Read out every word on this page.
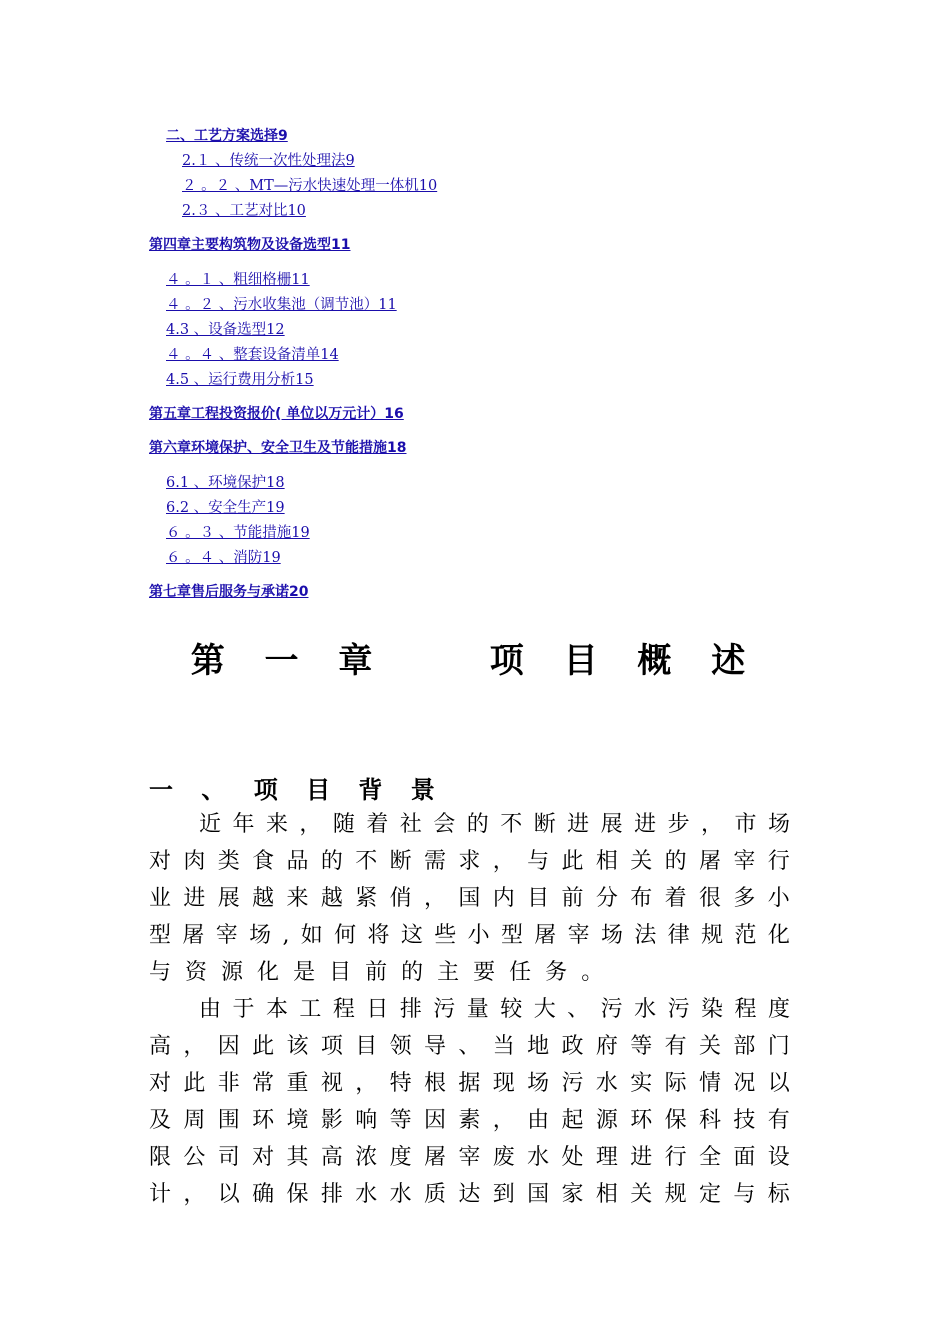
二、工艺方案选择9
2.１ 、传统一次性处理法9
２ 。２ 、MT—污水快速处理一体机10
2.３ 、工艺对比10
第四章主要构筑物及设备选型11
４ 。１ 、粗细格栅11
４ 。２ 、污水收集池（调节池）11
4.3 、设备选型12
４ 。４ 、整套设备清单14
4.5 、运行费用分析15
第五章工程投资报价( 单位以万元计）16
第六章环境保护、安全卫生及节能措施18
6.1 、环境保护18
6.2 、安全生产19
６ 。３ 、节能措施19
６ 。４ 、消防19
第七章售后服务与承诺20
第 一 章    项 目 概 述
一 、 项 目 背 景
近 年 来 ， 随 着 社 会 的 不 断 进 展 进 步 ， 市 场
对 肉 类 食 品 的 不 断 需 求 ， 与 此 相 关 的 屠 宰 行
业 进 展 越 来 越 紧 俏 ， 国 内 目 前 分 布 着 很 多 小
型 屠 宰 场 , 如 何 将 这 些 小 型 屠 宰 场 法 律 规 范 化
与 资 源 化 是 目 前 的 主 要 任 务 。
由 于 本 工 程 日 排 污 量 较 大 、 污 水 污 染 程 度
高 ， 因 此 该 项 目 领 导 、 当 地 政 府 等 有 关 部 门
对 此 非 常 重 视 ， 特 根 据 现 场 污 水 实 际 情 况 以
及 周 围 环 境 影 响 等 因 素 ， 由 起 源 环 保 科 技 有
限 公 司 对 其 高 浓 度 屠 宰 废 水 处 理 进 行 全 面 设
计 ， 以 确 保 排 水 水 质 达 到 国 家 相 关 规 定 与 标
